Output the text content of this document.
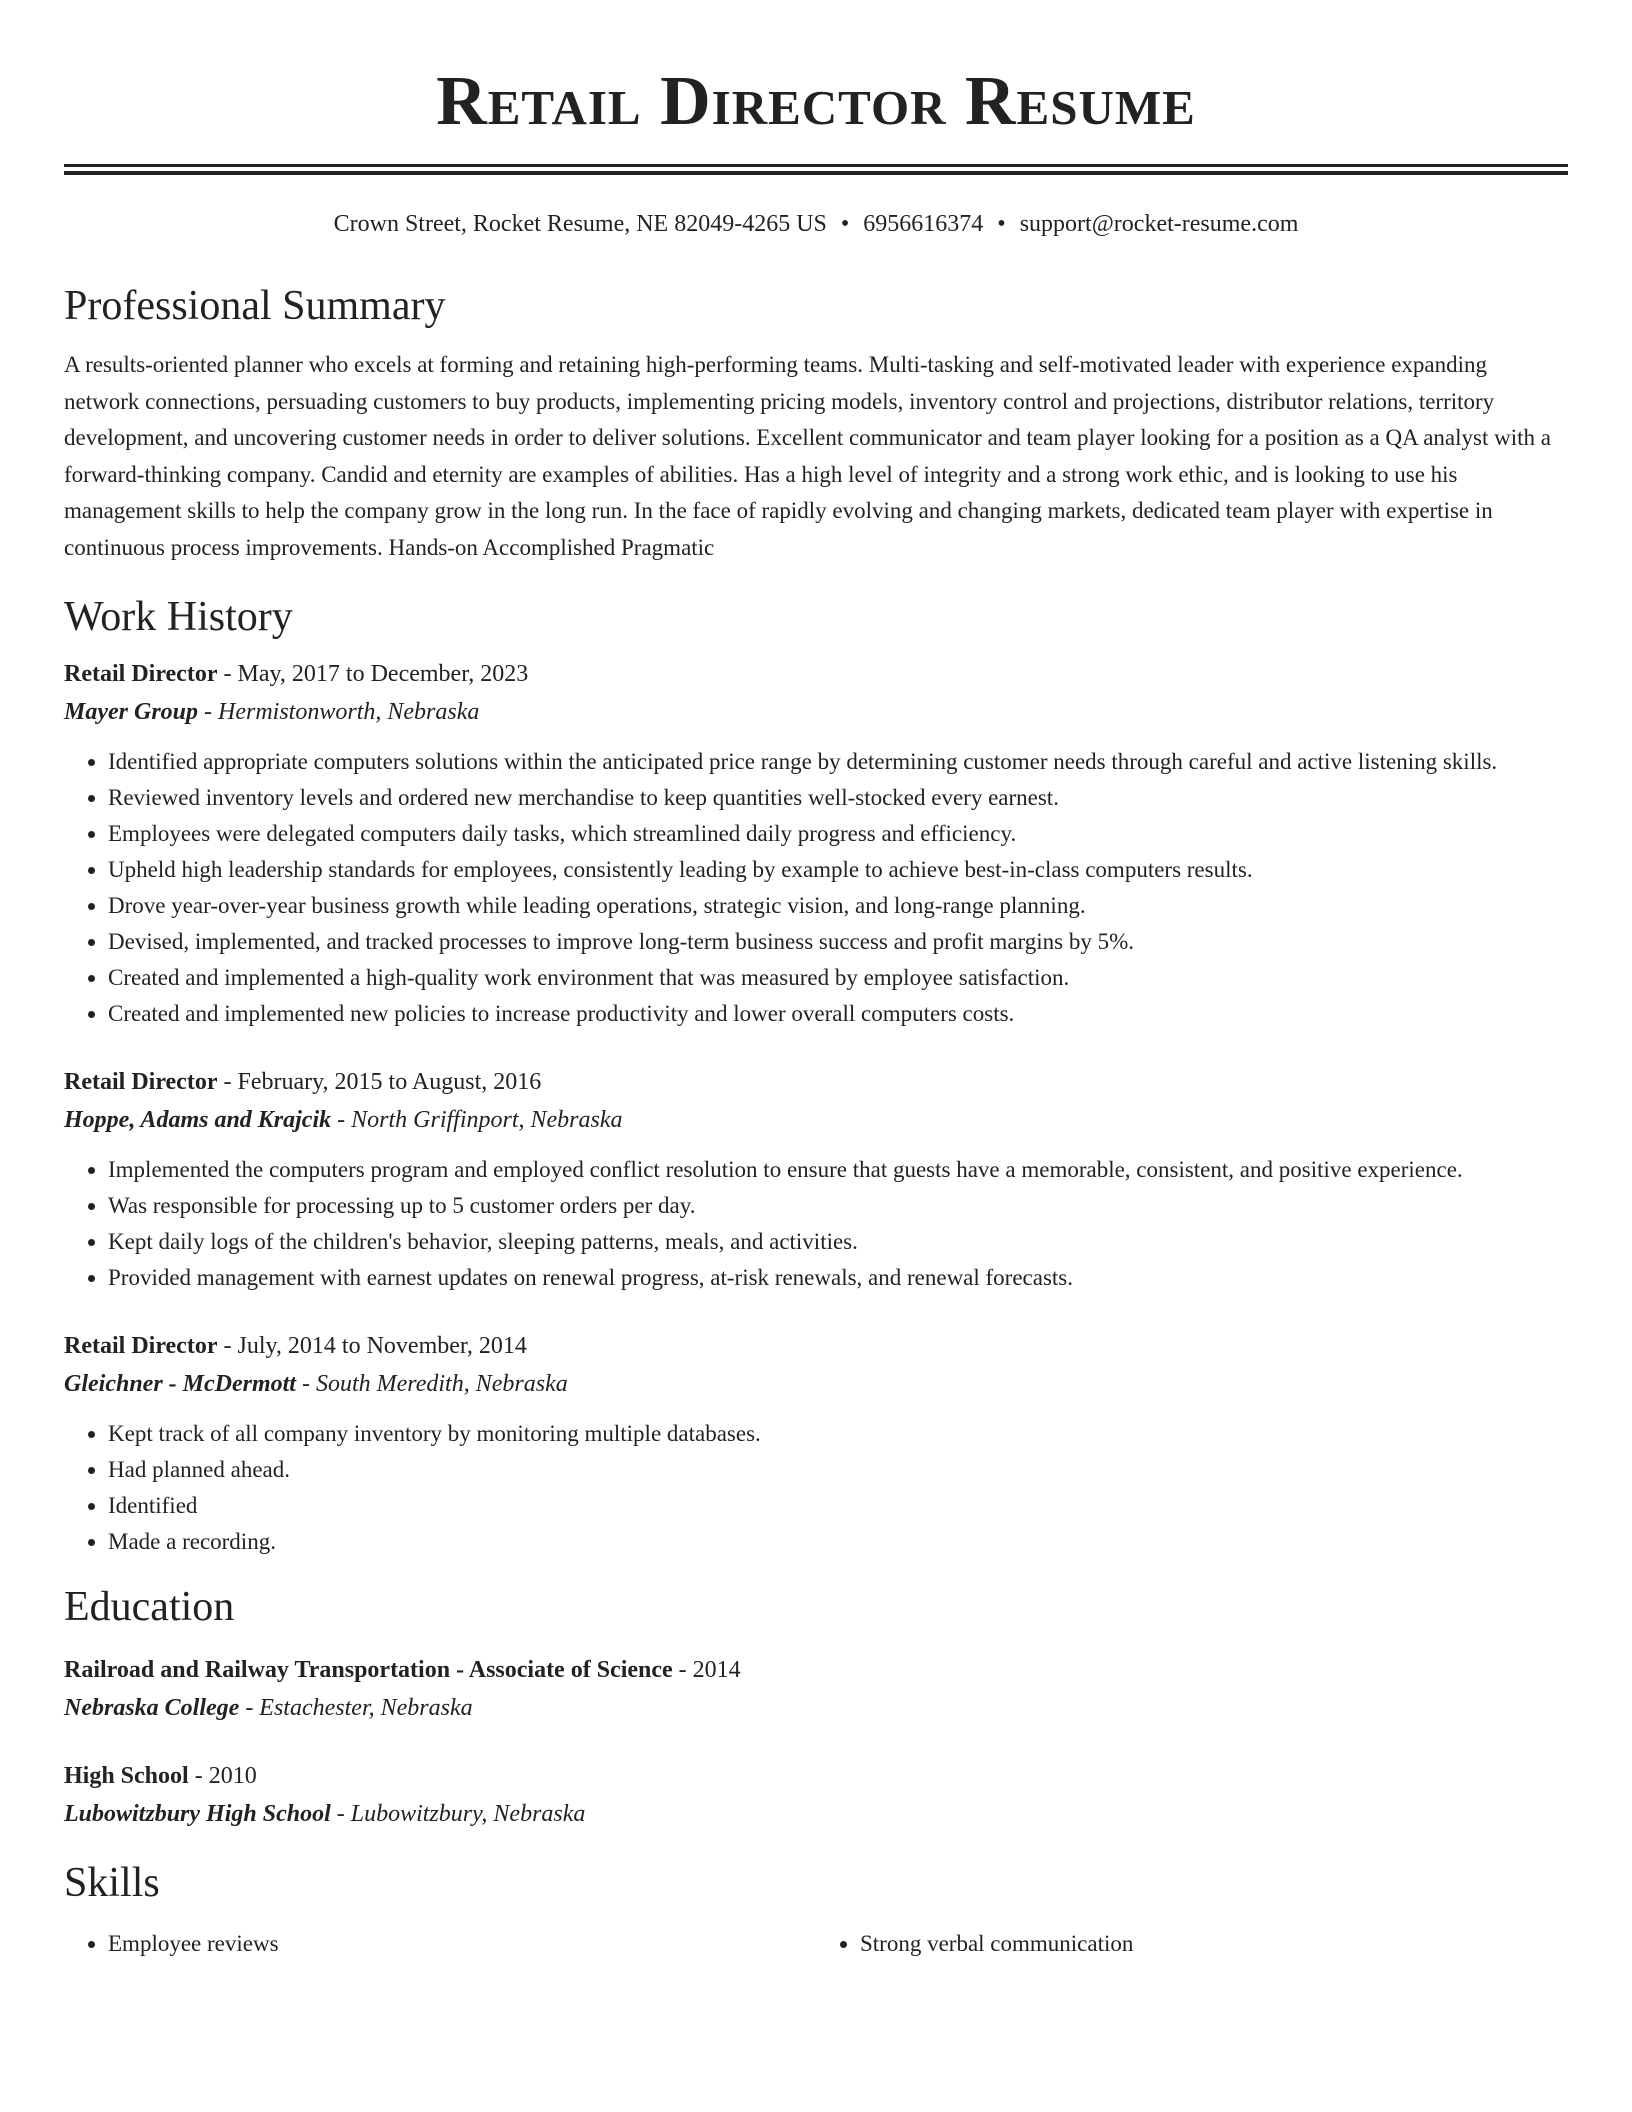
Retail Director Resume
Crown Street, Rocket Resume, NE 82049-4265 US • 6956616374 • support@rocket-resume.com
Professional Summary

A results-oriented planner who excels at forming and retaining high-performing teams. Multi-tasking and self-motivated leader with experience expanding network connections, persuading customers to buy products, implementing pricing models, inventory control and projections, distributor relations, territory development, and uncovering customer needs in order to deliver solutions. Excellent communicator and team player looking for a position as a QA analyst with a forward-thinking company. Candid and eternity are examples of abilities. Has a high level of integrity and a strong work ethic, and is looking to use his management skills to help the company grow in the long run. In the face of rapidly evolving and changing markets, dedicated team player with expertise in continuous process improvements. Hands-on Accomplished Pragmatic

Work History

Retail Director - May, 2017 to December, 2023

Mayer Group - Hermistonworth, Nebraska

• Identified appropriate computers solutions within the anticipated price range by determining customer needs through careful and active listening skills.
• Reviewed inventory levels and ordered new merchandise to keep quantities well-stocked every earnest.
• Employees were delegated computers daily tasks, which streamlined daily progress and efficiency.
• Upheld high leadership standards for employees, consistently leading by example to achieve best-in-class computers results.
• Drove year-over-year business growth while leading operations, strategic vision, and long-range planning.
• Devised, implemented, and tracked processes to improve long-term business success and profit margins by 5%.
• Created and implemented a high-quality work environment that was measured by employee satisfaction.
• Created and implemented new policies to increase productivity and lower overall computers costs.

Retail Director - February, 2015 to August, 2016

Hoppe, Adams and Krajcik - North Griffinport, Nebraska

• Implemented the computers program and employed conflict resolution to ensure that guests have a memorable, consistent, and positive experience.
• Was responsible for processing up to 5 customer orders per day.
• Kept daily logs of the children's behavior, sleeping patterns, meals, and activities.
• Provided management with earnest updates on renewal progress, at-risk renewals, and renewal forecasts.

Retail Director - July, 2014 to November, 2014

Gleichner - McDermott - South Meredith, Nebraska

• Kept track of all company inventory by monitoring multiple databases.
• Had planned ahead.
• Identified
• Made a recording.
Education

Railroad and Railway Transportation - Associate of Science - 2014

Nebraska College - Estachester, Nebraska

High School - 2010

Lubowitzbury High School - Lubowitzbury, Nebraska

Skills
• Employee reviews
•	Strong verbal communication
